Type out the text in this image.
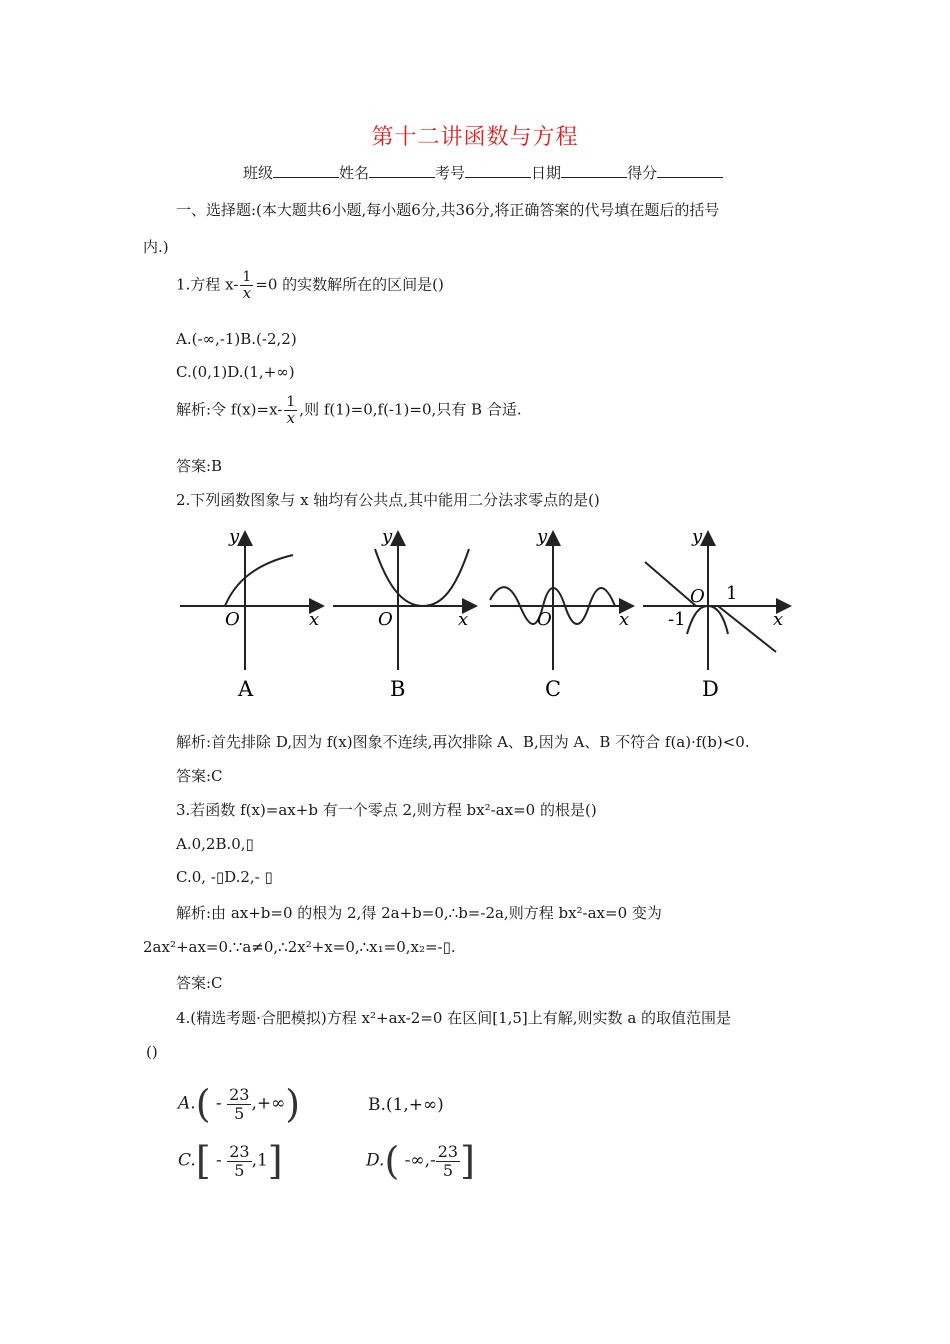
第十二讲函数与方程
班级	姓名	考号	日期	得分
一、选择题:(本大题共6小题,每小题6分,共36分,将正确答案的代号填在题后的括号
内.)
1.方程 $x- \frac{1}{x} =0$ 的实数解所在的区间是()
A.(-∞,-1)B.(-2,2)
C.(0,1)D.(1,+∞)
解析:令 $f(x)=x- \frac{1}{x}$ ,则 f(1)=0,f(-1)=0,只有 B 合适.
答案:B
2.下列函数图象与 x 轴均有公共点,其中能用二分法求零点的是()
y
x
O
A
y
x
O
B
y
x
O
C
y
x
O
-1
1
D
解析:首先排除 D,因为 f(x)图象不连续,再次排除 A、B,因为 A、B 不符合 f(a)·f(b)<0.
答案:C
3.若函数 f(x)=ax+b 有一个零点 2,则方程 bx²-ax=0 的根是()
A.0,2B.0,▯
C.0, -▯D.2,- ▯
解析:由 ax+b=0 的根为 2,得 2a+b=0,∴b=-2a,则方程 bx²-ax=0 变为
2ax²+ax=0.∵a≠0,∴2x²+x=0,∴x₁=0,x₂=-▯.
答案:C
4.(精选考题·合肥模拟)方程 x²+ax-2=0 在区间[1,5]上有解,则实数 a 的取值范围是
()
$A.( - \frac{23}{5}$ ,+∞)	B.(1,+∞)
$C.[ - \frac{23}{5} ,1]$	D.( -∞,- $\frac{23}{5}$ ]
